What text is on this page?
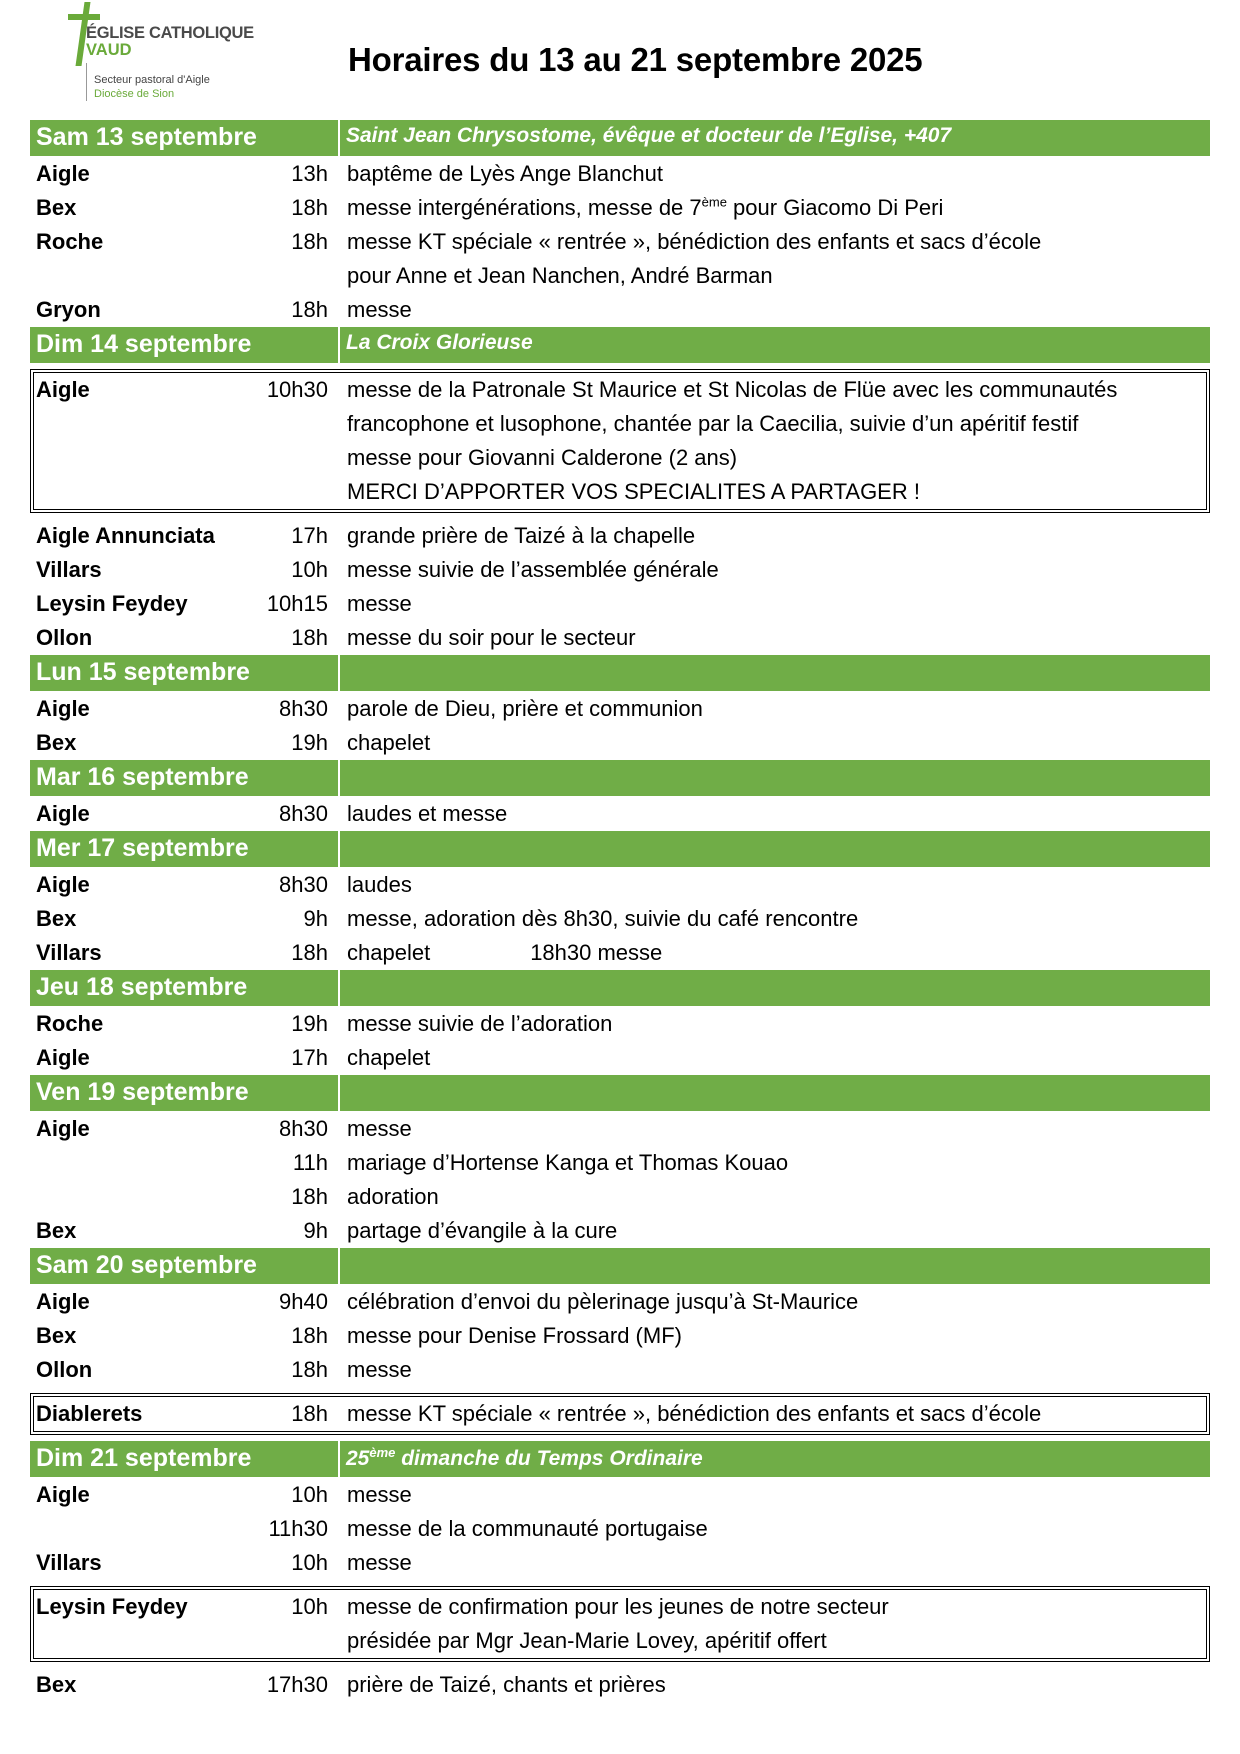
ÉGLISE CATHOLIQUE
VAUD
Secteur pastoral d'Aigle
Diocèse de Sion
Horaires du 13 au 21 septembre 2025
Sam 13 septembre	Saint Jean Chrysostome, évêque et docteur de l’Eglise, +407
Aigle	13h baptême de Lyès Ange Blanchut
Bex	18h messe intergénérations, messe de 7ème pour Giacomo Di Peri
Roche	18h messe KT spéciale « rentrée », bénédiction des enfants et sacs d’école
pour Anne et Jean Nanchen, André Barman
Gryon	18h messe
Dim 14 septembre	La Croix Glorieuse
Aigle	10h30 messe de la Patronale St Maurice et St Nicolas de Flüe avec les communautés
francophone et lusophone, chantée par la Caecilia, suivie d’un apéritif festif
messe pour Giovanni Calderone (2 ans)
MERCI D’APPORTER VOS SPECIALITES A PARTAGER !
Aigle Annunciata	17h grande prière de Taizé à la chapelle
Villars	10h messe suivie de l’assemblée générale
Leysin Feydey	10h15 messe
Ollon	18h messe du soir pour le secteur
Lun 15 septembre
Aigle	8h30 parole de Dieu, prière et communion
Bex	19h chapelet
Mar 16 septembre
Aigle	8h30 laudes et messe
Mer 17 septembre
Aigle	8h30 laudes
Bex	9h messe, adoration dès 8h30, suivie du café rencontre
Villars	18h chapelet	18h30 messe
Jeu 18 septembre
Roche	19h messe suivie de l’adoration
Aigle	17h chapelet
Ven 19 septembre
Aigle	8h30 messe
11h mariage d’Hortense Kanga et Thomas Kouao
18h adoration
Bex	9h partage d’évangile à la cure
Sam 20 septembre
Aigle	9h40 célébration d’envoi du pèlerinage jusqu’à St-Maurice
Bex	18h messe pour Denise Frossard (MF)
Ollon	18h messe
Diablerets	18h messe KT spéciale « rentrée », bénédiction des enfants et sacs d’école
Dim 21 septembre	25ème dimanche du Temps Ordinaire
Aigle	10h messe
11h30 messe de la communauté portugaise
Villars	10h messe
Leysin Feydey	10h messe de confirmation pour les jeunes de notre secteur
présidée par Mgr Jean-Marie Lovey, apéritif offert
Bex	17h30 prière de Taizé, chants et prières
